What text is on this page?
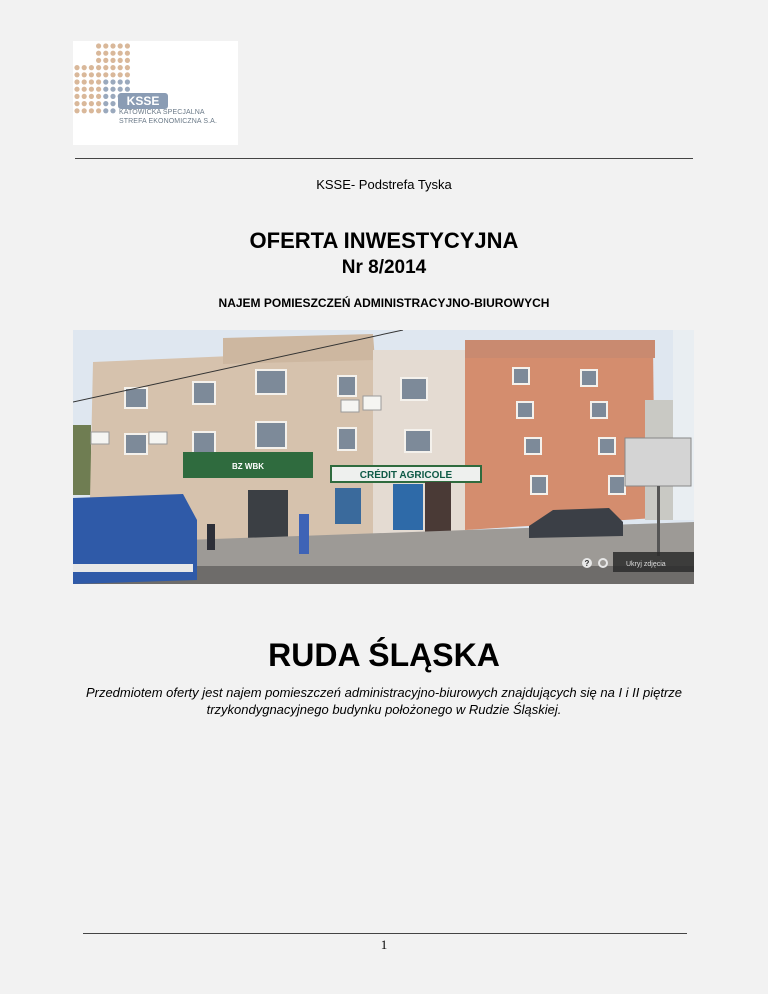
KSSE
KATOWICKA SPECJALNA
STREFA EKONOMICZNA S.A.
KSSE- Podstrefa Tyska
OFERTA INWESTYCYJNA
Nr 8/2014
NAJEM POMIESZCZEŃ ADMINISTRACYJNO-BIUROWYCH
CRÉDIT AGRICOLE
BZ WBK
Ukryj zdjęcia
?
RUDA ŚLĄSKA
Przedmiotem oferty jest najem pomieszczeń administracyjno-biurowych znajdujących się na I i II piętrze trzykondygnacyjnego budynku położonego w Rudzie Śląskiej.
1
